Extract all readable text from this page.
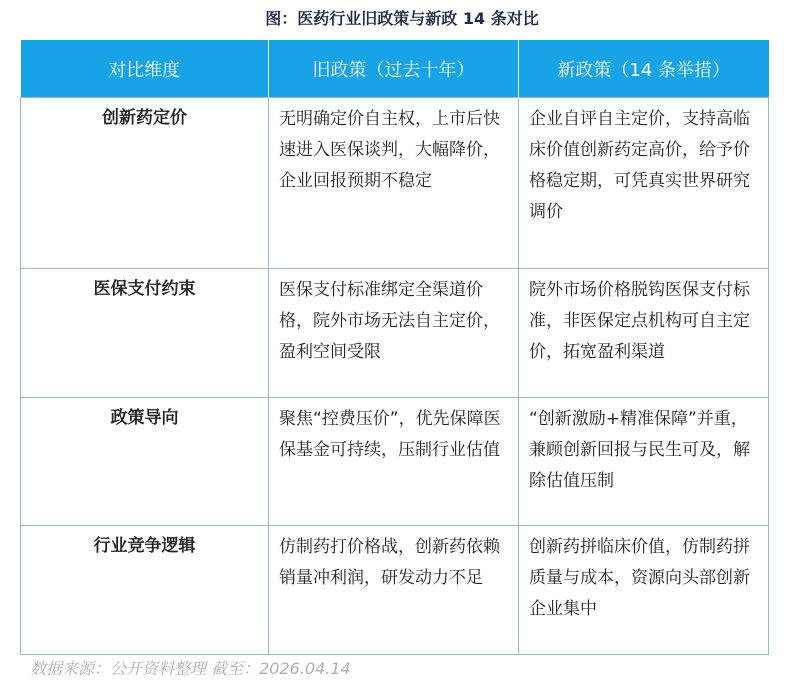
图：医药行业旧政策与新政 14 条对比
对比维度	旧政策（过去十年）	新政策（14 条举措）
创新药定价	无明确定价自主权，上市后快速进入医保谈判，大幅降价，企业回报预期不稳定	企业自评自主定价，支持高临床价值创新药定高价，给予价格稳定期，可凭真实世界研究调价
医保支付约束	医保支付标准绑定全渠道价格，院外市场无法自主定价，盈利空间受限	院外市场价格脱钩医保支付标准，非医保定点机构可自主定价，拓宽盈利渠道
政策导向	聚焦“控费压价”，优先保障医保基金可持续，压制行业估值	“创新激励+精准保障”并重，兼顾创新回报与民生可及，解除估值压制
行业竞争逻辑	仿制药打价格战，创新药依赖销量冲利润，研发动力不足	创新药拼临床价值，仿制药拼质量与成本，资源向头部创新企业集中
数据来源：公开资料整理 截至：2026.04.14
